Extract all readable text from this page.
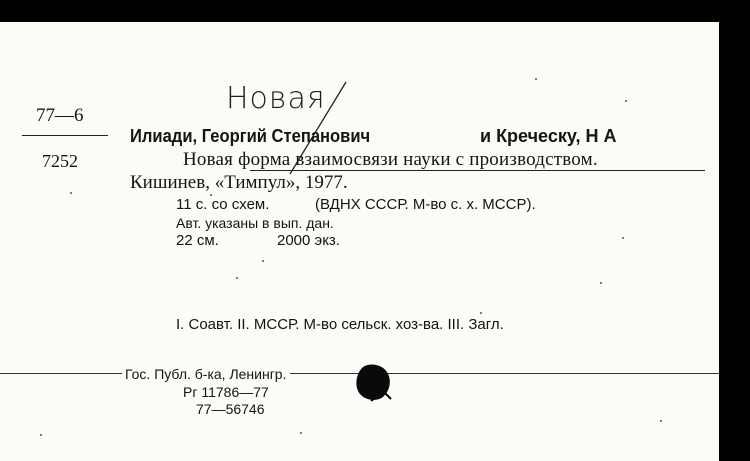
77—6
7252
Новая
Илиади, Георгий Степанович	и Креческу, Н А
Новая форма взаимосвязи науки с производством.
Кишинев, «Тимпул», 1977.
11 с. со схем.	(ВДНХ СССР. М-во с. х. МССР).
Авт. указаны в вып. дан.
22 см.	2000 экз.
I. Соавт. II. МССР. М-во сельск. хоз-ва. III. Загл.
Гос. Публ. б-ка, Ленингр.
Рг 11786—77
77—56746
